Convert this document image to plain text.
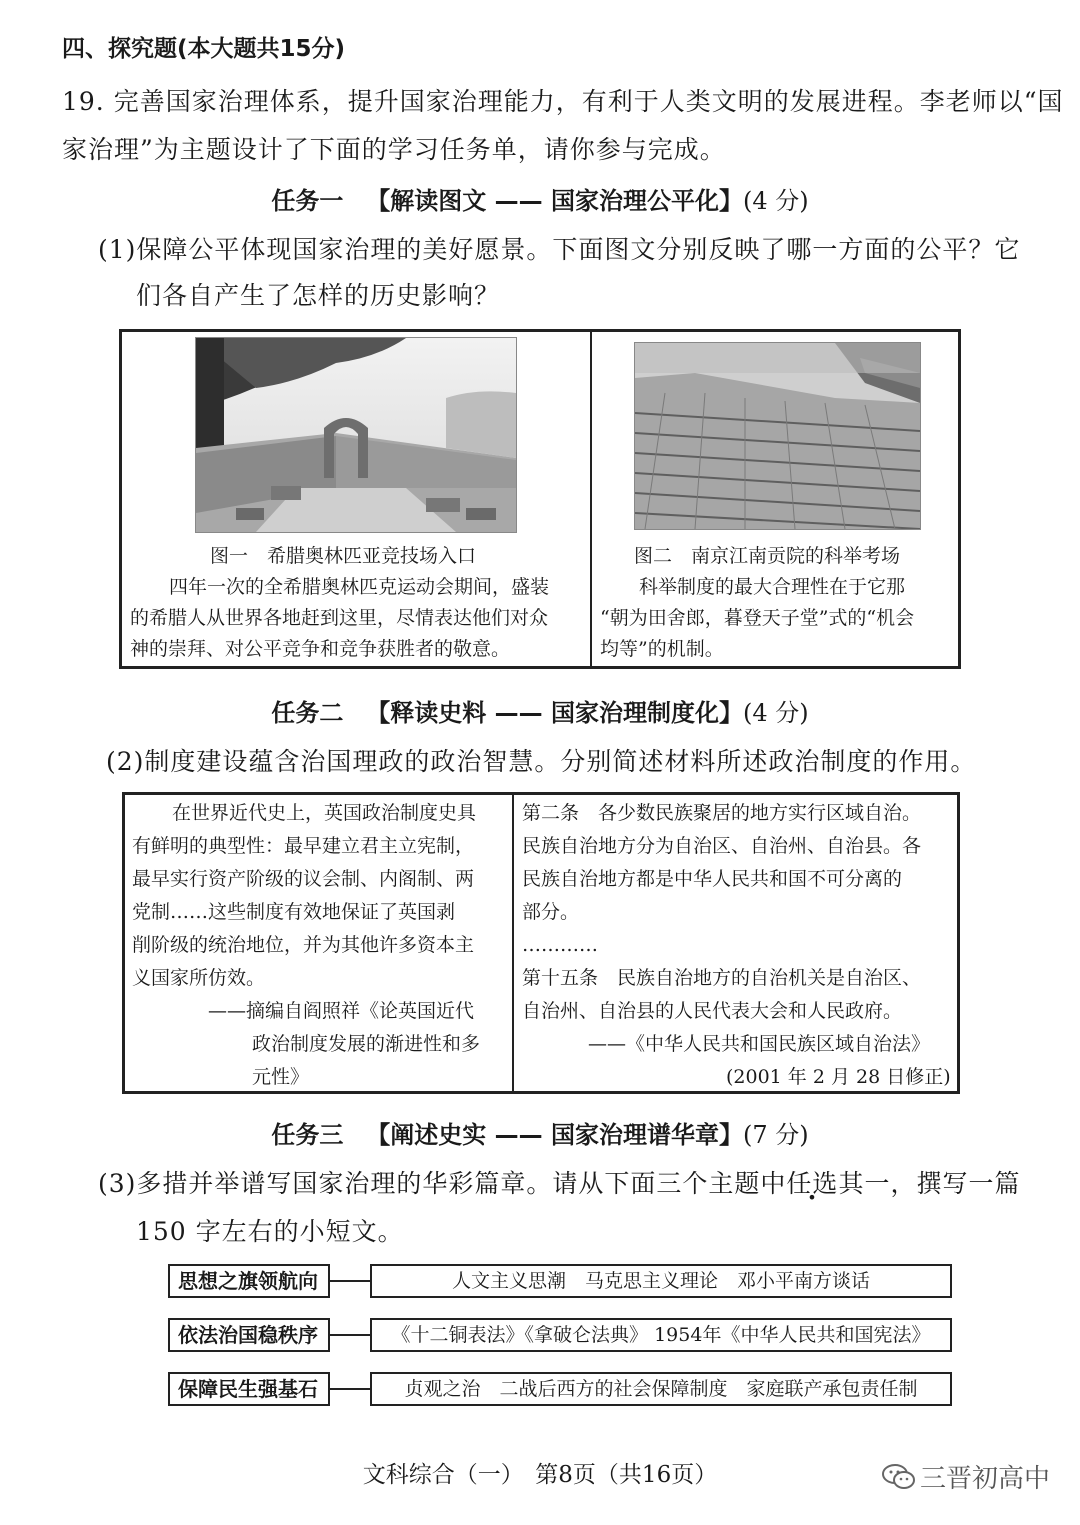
四、探究题(本大题共15分)
19. 完善国家治理体系，提升国家治理能力，有利于人类文明的发展进程。李老师以“国
家治理”为主题设计了下面的学习任务单，请你参与完成。
任务一 【解读图文 —— 国家治理公平化】(4 分)
(1)保障公平体现国家治理的美好愿景。下面图文分别反映了哪一方面的公平？它
们各自产生了怎样的历史影响？
图一　希腊奥林匹亚竞技场入口
四年一次的全希腊奥林匹克运动会期间，盛装
的希腊人从世界各地赶到这里，尽情表达他们对众
神的崇拜、对公平竞争和竞争获胜者的敬意。
图二　南京江南贡院的科举考场
科举制度的最大合理性在于它那
“朝为田舍郎，暮登天子堂”式的“机会
均等”的机制。
任务二 【释读史料 —— 国家治理制度化】(4 分)
(2)制度建设蕴含治国理政的政治智慧。分别简述材料所述政治制度的作用。
在世界近代史上，英国政治制度史具
有鲜明的典型性：最早建立君主立宪制，
最早实行资产阶级的议会制、内阁制、两
党制……这些制度有效地保证了英国剥
削阶级的统治地位，并为其他许多资本主
义国家所仿效。
——摘编自阎照祥《论英国近代
政治制度发展的渐进性和多
元性》
第二条　各少数民族聚居的地方实行区域自治。
民族自治地方分为自治区、自治州、自治县。各
民族自治地方都是中华人民共和国不可分离的
部分。
…………
第十五条　民族自治地方的自治机关是自治区、
自治州、自治县的人民代表大会和人民政府。
——《中华人民共和国民族区域自治法》
(2001 年 2 月 28 日修正)
任务三 【阐述史实 —— 国家治理谱华章】(7 分)
(3)多措并举谱写国家治理的华彩篇章。请从下面三个主题中任选其一，撰写一篇
150 字左右的小短文。
思想之旗领航向	人文主义思潮　马克思主义理论　邓小平南方谈话
依法治国稳秩序	《十二铜表法》《拿破仑法典》 1954年《中华人民共和国宪法》
保障民生强基石	贞观之治　二战后西方的社会保障制度　家庭联产承包责任制
文科综合（一）　第8页（共16页）	三晋初高中
